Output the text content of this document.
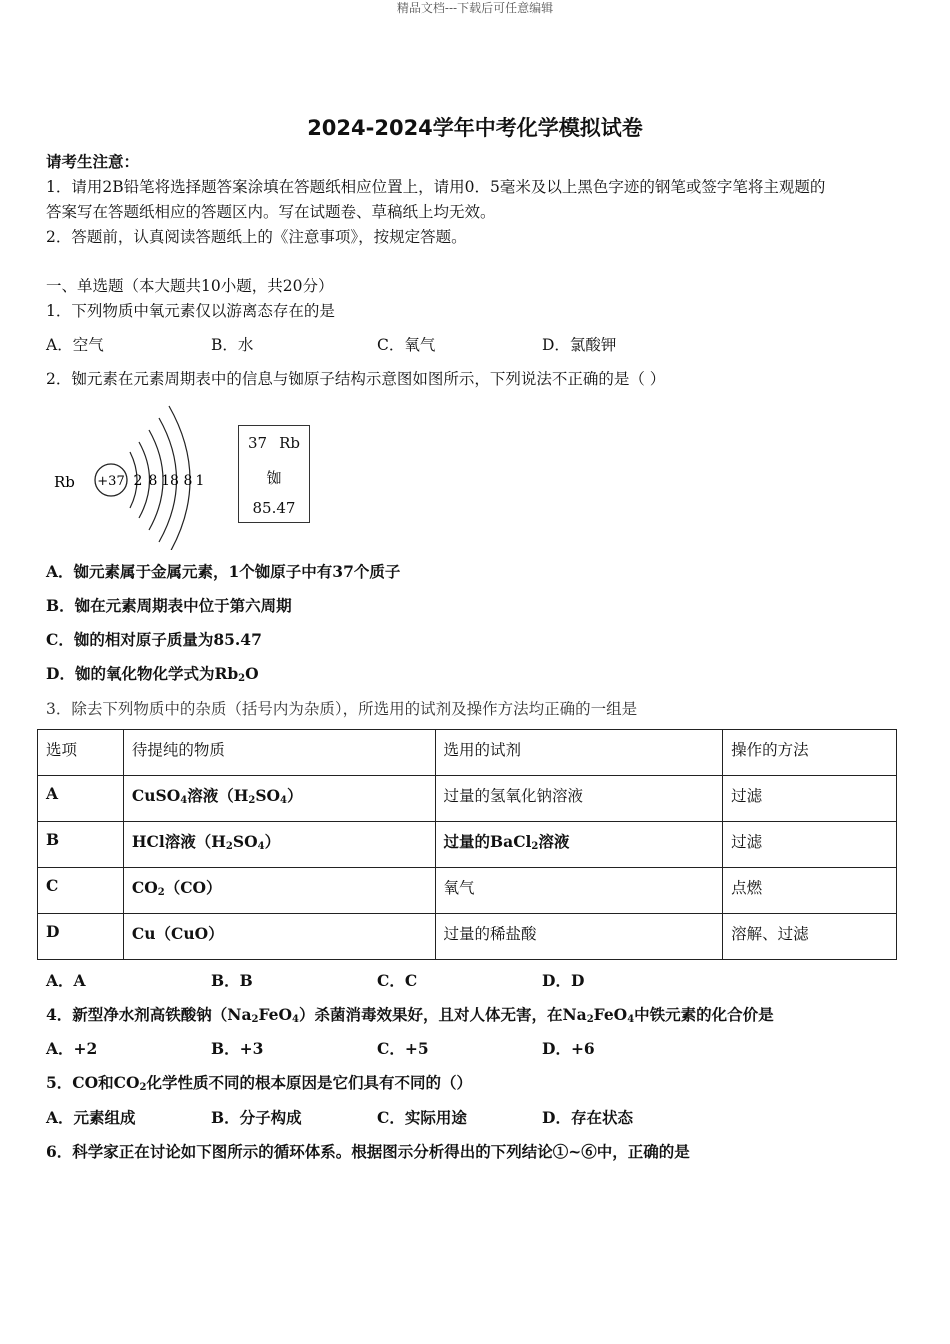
精品文档---下载后可任意编辑
2024-2024学年中考化学模拟试卷
请考生注意：
1．请用2B铅笔将选择题答案涂填在答题纸相应位置上，请用0．5毫米及以上黑色字迹的钢笔或签字笔将主观题的
答案写在答题纸相应的答题区内。写在试题卷、草稿纸上均无效。
2．答题前，认真阅读答题纸上的《注意事项》，按规定答题。
一、单选题（本大题共10小题，共20分）
1．下列物质中氧元素仅以游离态存在的是
A．空气	B．水	C．氧气	D．氯酸钾
2．铷元素在元素周期表中的信息与铷原子结构示意图如图所示，下列说法不正确的是（ ）
Rb +37 2 8 18 8 1
37 Rb
铷
85.47
A．铷元素属于金属元素，1个铷原子中有37个质子
B．铷在元素周期表中位于第六周期
C．铷的相对原子质量为85.47
D．铷的氧化物化学式为$Rb_2O$
3．除去下列物质中的杂质（括号内为杂质），所选用的试剂及操作方法均正确的一组是
选项	待提纯的物质	选用的试剂	操作的方法
A	CuSO$_4$溶液$(H_2SO_4)$	过量的氢氧化钠溶液	过滤
B	HCl溶液$(H_2SO_4)$	过量的BaCl$_2$溶液	过滤
C	$CO_2(CO)$	氧气	点燃
D	Cu（CuO）	过量的稀盐酸	溶解、过滤
A．A	B．B	C．C	D．D
4．新型净水剂高铁酸钠$(Na_2FeO_4)$杀菌消毒效果好，且对人体无害，在$Na_2FeO_4$中铁元素的化合价是
A．+2	B．+3	C．+5	D．+6
5．CO和$CO_2$化学性质不同的根本原因是它们具有不同的（）
A．元素组成	B．分子构成	C．实际用途	D．存在状态
6．科学家正在讨论如下图所示的循环体系。根据图示分析得出的下列结论①~⑥中，正确的是
